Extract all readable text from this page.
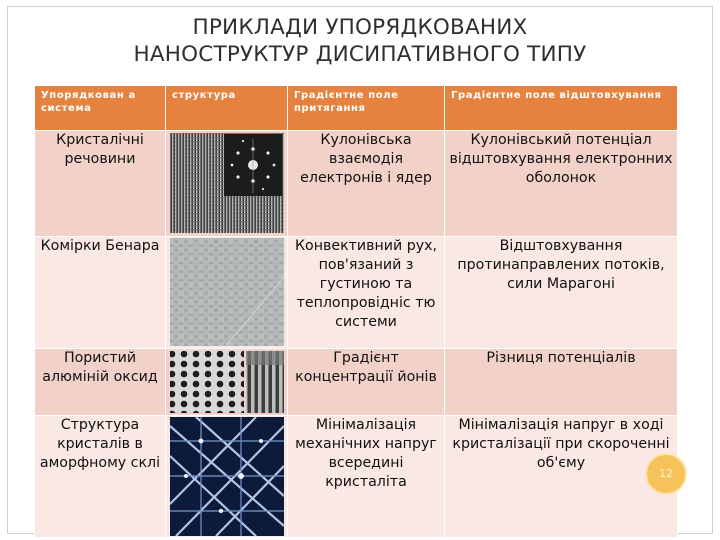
ПРИКЛАДИ УПОРЯДКОВАНИХ
НАНОСТРУКТУР ДИСИПАТИВНОГО ТИПУ
Упорядкован а система	структура	Градієнтне поле притягання	Градієнтне поле відштовхування
Кристалічні речовини		Кулонівська взаємодія електронів і ядер	Кулонівський потенціал відштовхування електронних оболонок
Комірки Бенара		Конвективний рух, пов'язаний з густиною та теплопровідніс тю системи	Відштовхування протинаправлених потоків, сили Марагоні
Пористий алюміній оксид		Градієнт концентрації йонів	Різниця потенціалів
Структура кристалів в аморфному склі		Мінімалізація механічних напруг всередині кристаліта	Мінімалізація напруг в ході кристалізації при скороченні об'єму
12
